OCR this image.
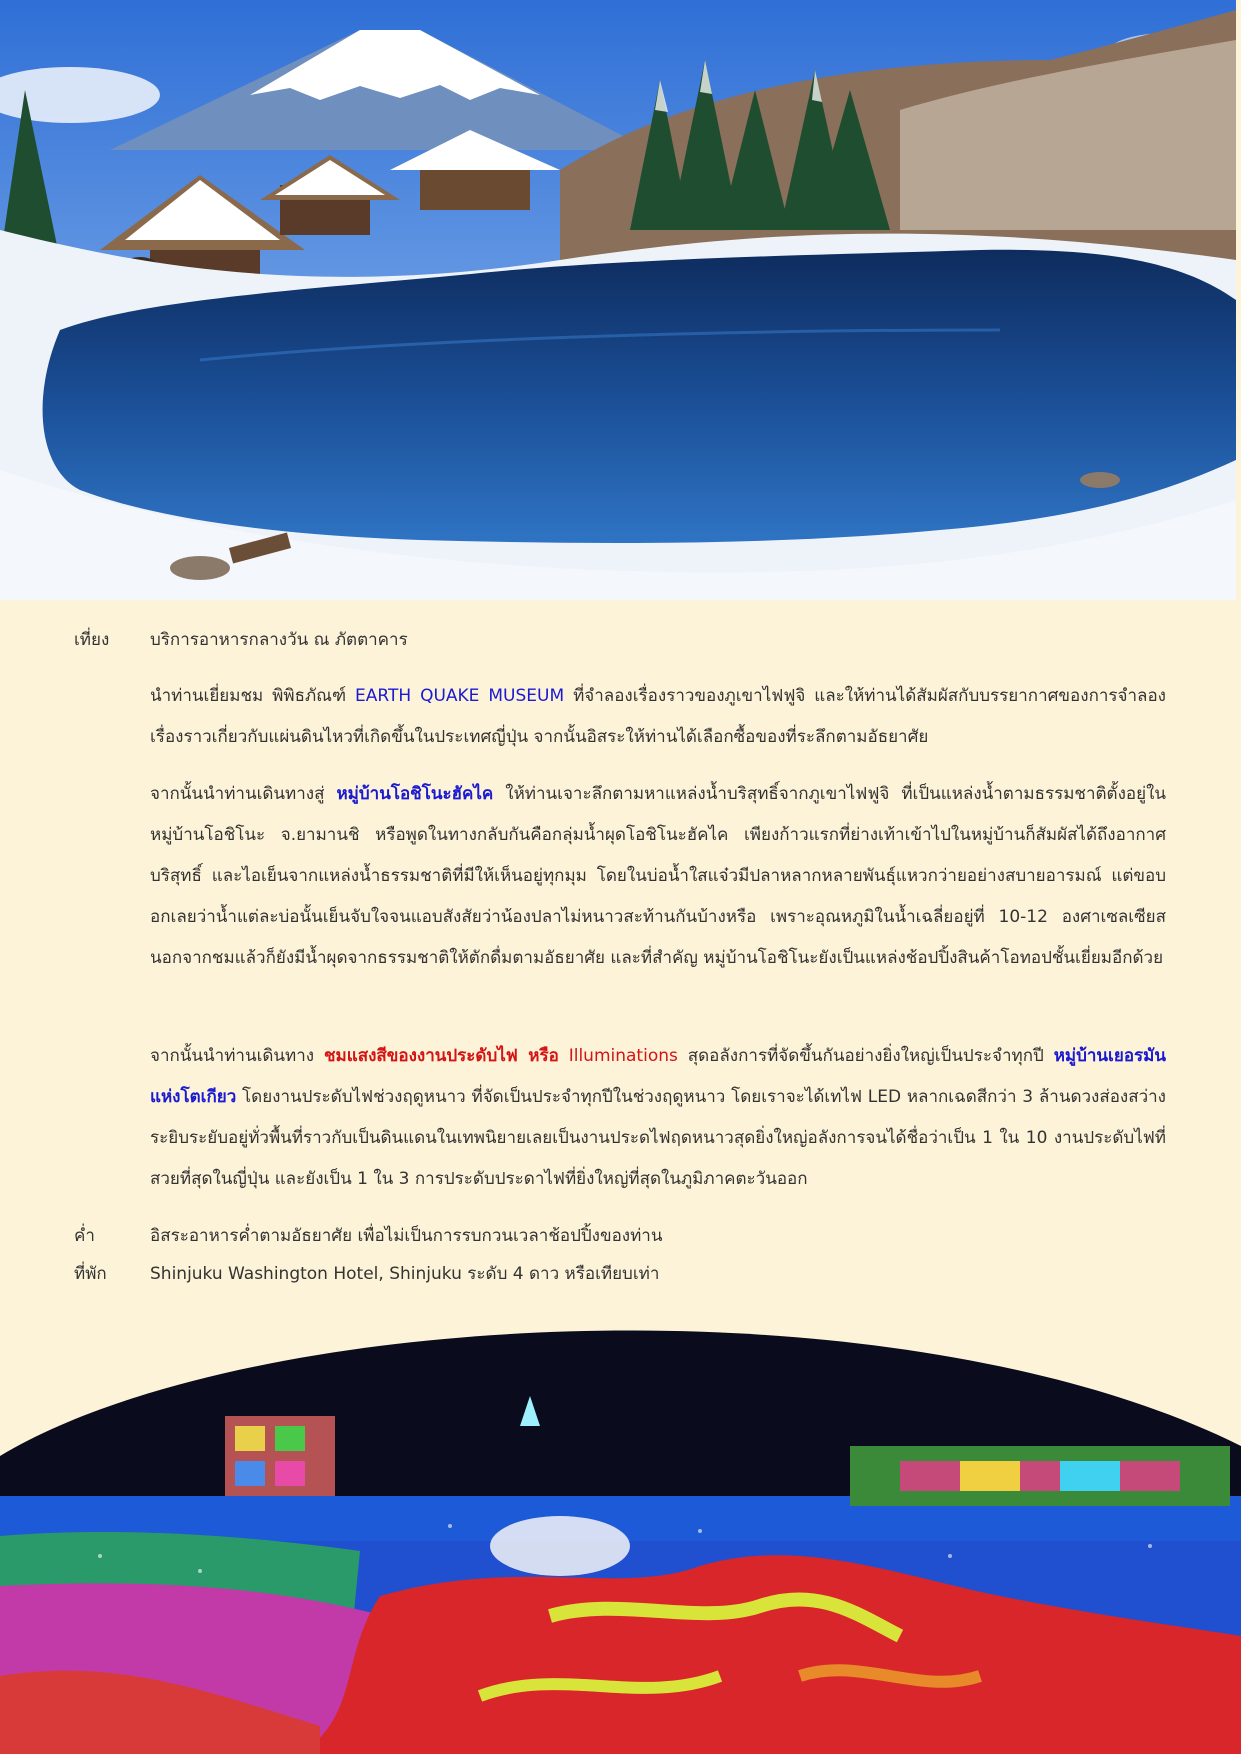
เที่ยง บริการอาหารกลางวัน ณ ภัตตาคาร
นำท่านเยี่ยมชม พิพิธภัณฑ์ EARTH QUAKE MUSEUM ที่จำลองเรื่องราวของภูเขาไฟฟูจิ และให้ท่านได้สัมผัสกับบรรยากาศของการจำลองเรื่องราวเกี่ยวกับแผ่นดินไหวที่เกิดขึ้นในประเทศญี่ปุ่น จากนั้นอิสระให้ท่านได้เลือกซื้อของที่ระลึกตามอัธยาศัย
จากนั้นนำท่านเดินทางสู่ หมู่บ้านโอชิโนะฮัคไค ให้ท่านเจาะลึกตามหาแหล่งน้ำบริสุทธิ์จากภูเขาไฟฟูจิ ที่เป็นแหล่งน้ำตามธรรมชาติตั้งอยู่ในหมู่บ้านโอชิโนะ จ.ยามานชิ หรือพูดในทางกลับกันคือกลุ่มน้ำผุดโอชิโนะฮัคไค เพียงก้าวแรกที่ย่างเท้าเข้าไปในหมู่บ้านก็สัมผัสได้ถึงอากาศบริสุทธิ์ และไอเย็นจากแหล่งน้ำธรรมชาติที่มีให้เห็นอยู่ทุกมุม โดยในบ่อน้ำใสแจ๋วมีปลาหลากหลายพันธุ์แหวกว่ายอย่างสบายอารมณ์ แต่ขอบอกเลยว่าน้ำแต่ละบ่อนั้นเย็นจับใจจนแอบสังสัยว่าน้องปลาไม่หนาวสะท้านกันบ้างหรือ เพราะอุณหภูมิในน้ำเฉลี่ยอยู่ที่ 10-12 องศาเซลเซียสนอกจากชมแล้วก็ยังมีน้ำผุดจากธรรมชาติให้ตักดื่มตามอัธยาศัย และที่สำคัญ หมู่บ้านโอชิโนะยังเป็นแหล่งช้อปปิ้งสินค้าโอทอปชั้นเยี่ยมอีกด้วย
จากนั้นนำท่านเดินทาง ชมแสงสีของงานประดับไฟ หรือ Illuminations สุดอลังการที่จัดขึ้นกันอย่างยิ่งใหญ่เป็นประจำทุกปี หมู่บ้านเยอรมันแห่งโตเกียว โดยงานประดับไฟช่วงฤดูหนาว ที่จัดเป็นประจำทุกปีในช่วงฤดูหนาว โดยเราจะได้เทไฟ LED หลากเฉดสีกว่า 3 ล้านดวงส่องสว่างระยิบระยับอยู่ทั่วพื้นที่ราวกับเป็นดินแดนในเทพนิยายเลยเป็นงานประดไฟฤดหนาวสุดยิ่งใหญ่อลังการจนได้ชื่อว่าเป็น 1 ใน 10 งานประดับไฟที่สวยที่สุดในญี่ปุ่น และยังเป็น 1 ใน 3 การประดับประดาไฟที่ยิ่งใหญ่ที่สุดในภูมิภาคตะวันออก
ค่ำ	อิสระอาหารค่ำตามอัธยาศัย เพื่อไม่เป็นการรบกวนเวลาช้อปปิ้งของท่าน
ที่พัก	Shinjuku Washington Hotel, Shinjuku ระดับ 4 ดาว หรือเทียบเท่า
